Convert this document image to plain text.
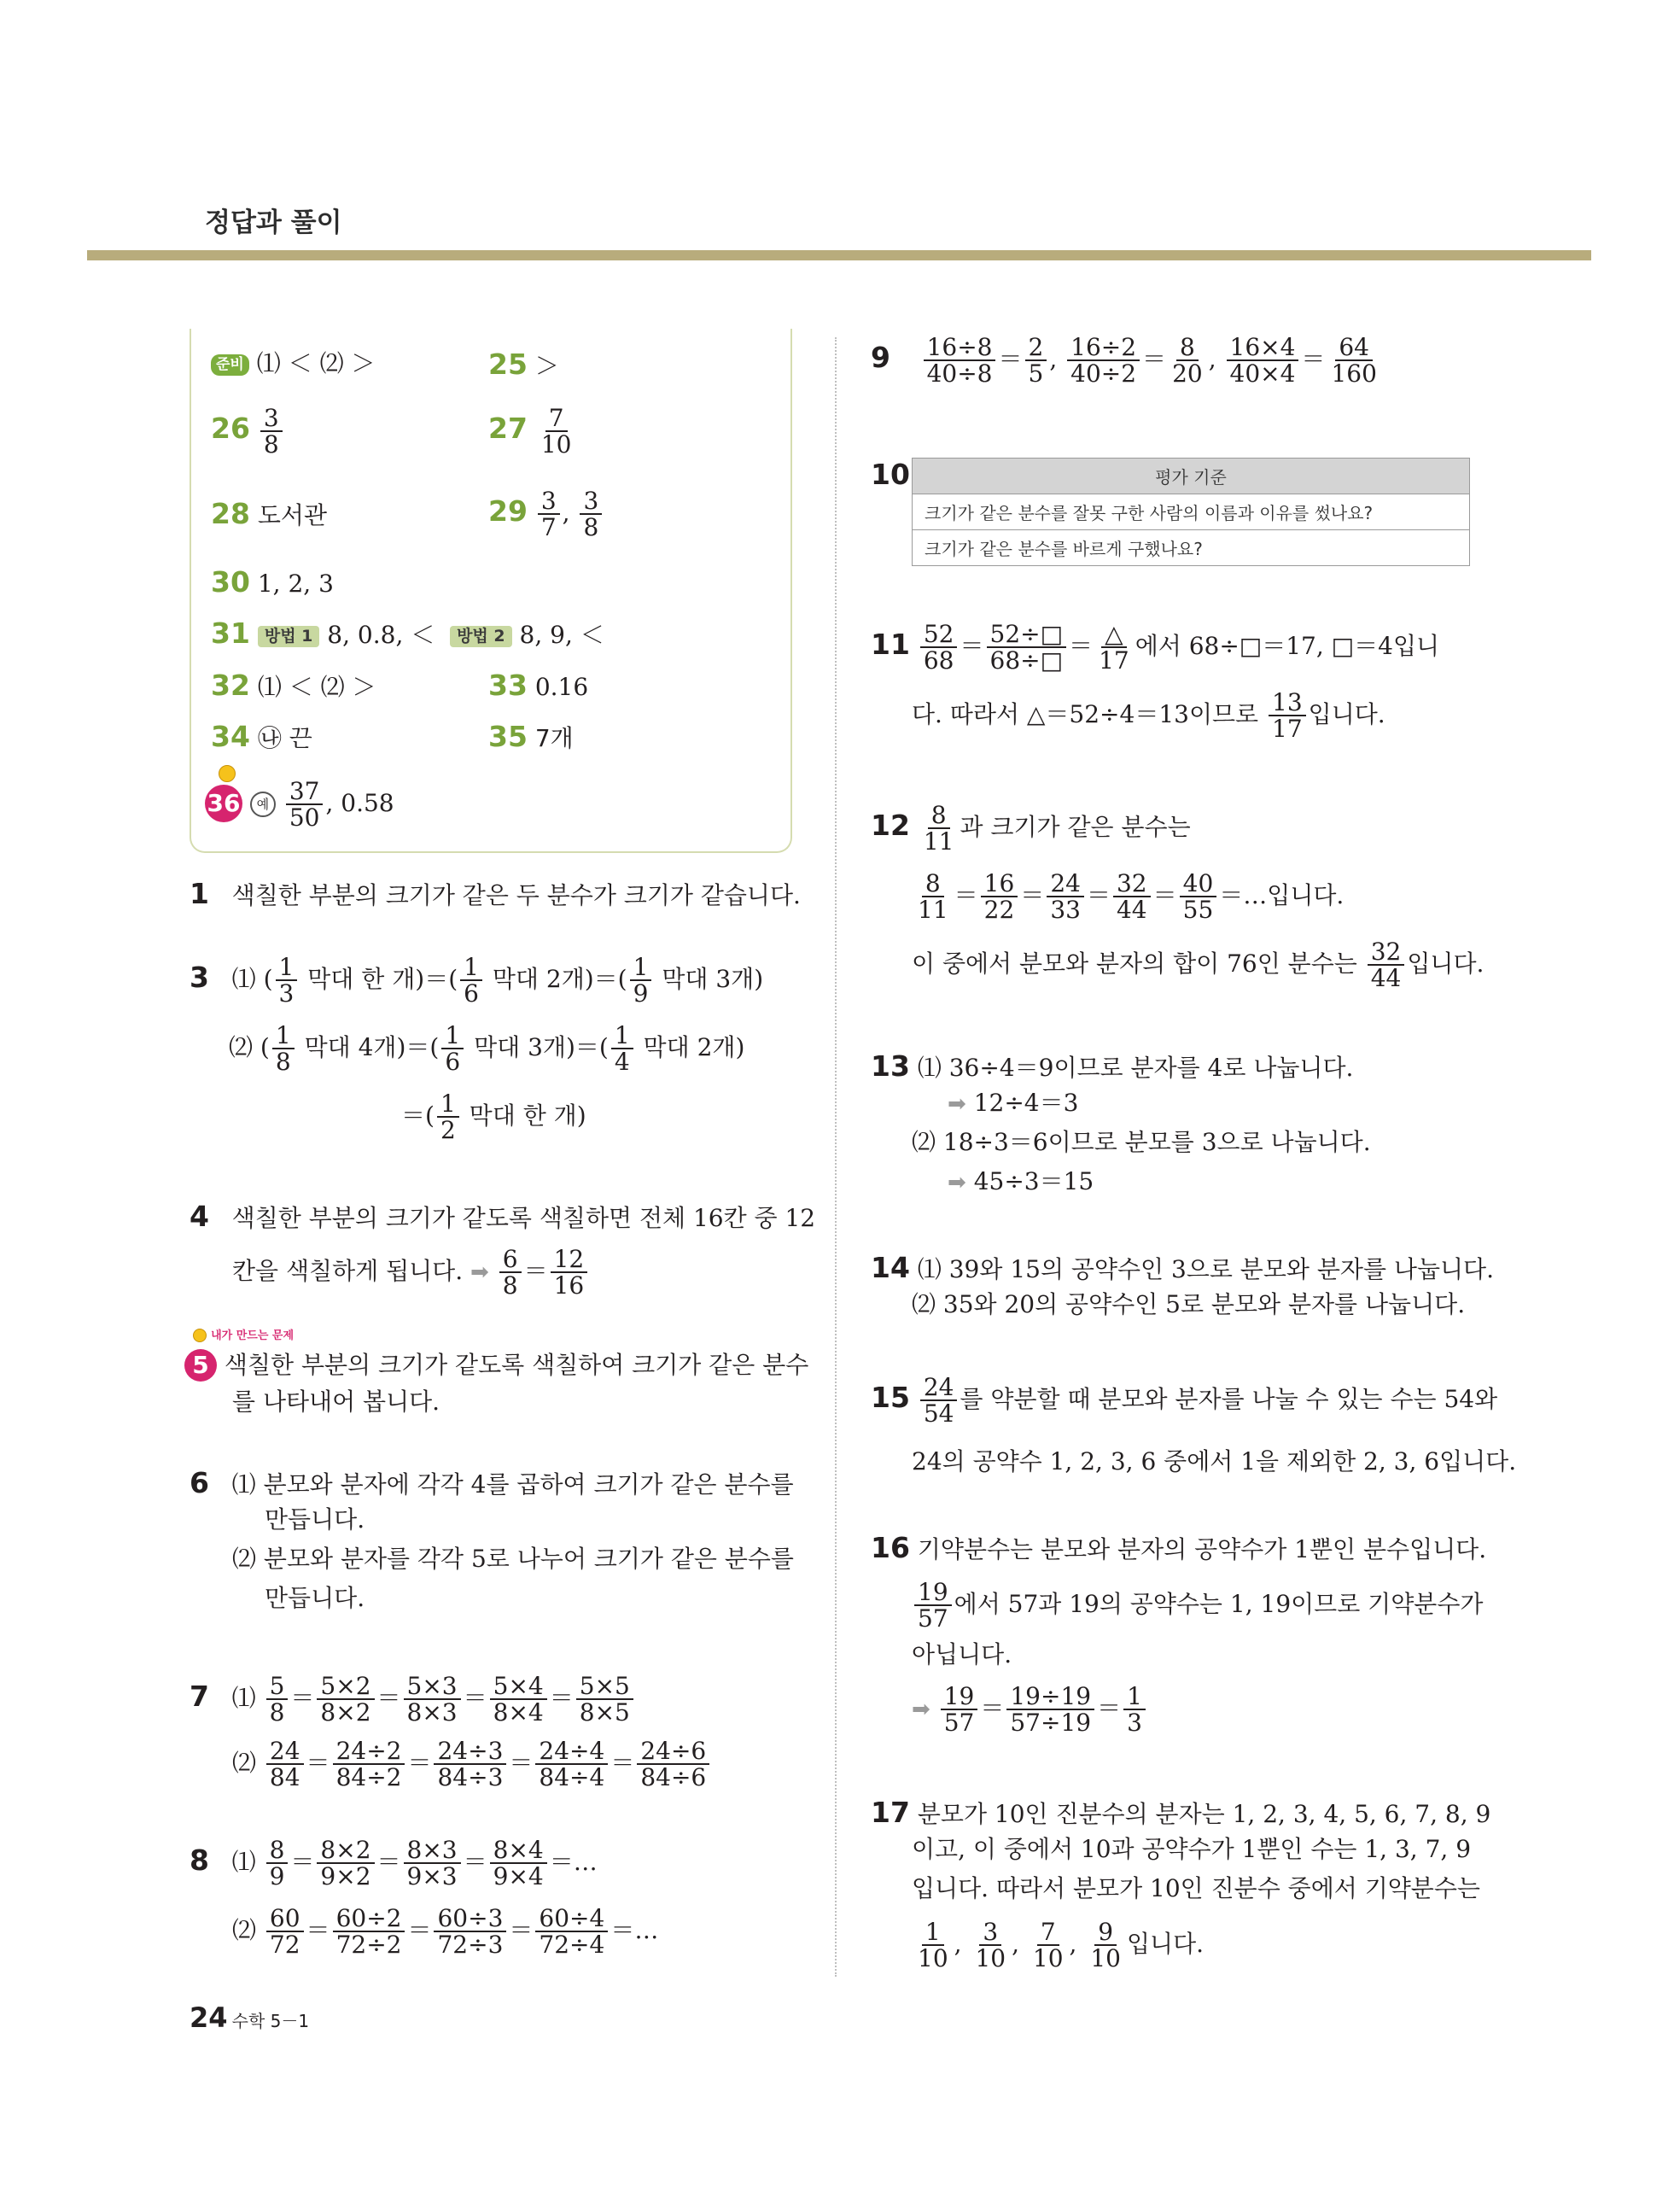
정답과 풀이
준비 ⑴ ＜ ⑵ ＞	25 ＞
$26 \frac{3}{8}$	$27 \frac{7}{10}$
28 도서관	$29 \frac{3}{7}$ , $\frac{3}{8}$
30 1, 2, 3
31 방법 1 8, 0.8, ＜ 방법 2 8, 9, ＜
32 ⑴ ＜ ⑵ ＞	33 0.16
34 ㉯ 끈	35 7개
36 예 $\frac{37}{50}$ , 0.58
1 색칠한 부분의 크기가 같은 두 분수가 크기가 같습니다.
3 ⑴ ( $\frac{1}{3}$ 막대 한 개)＝( $\frac{1}{6}$ 막대 2개)＝( $\frac{1}{9}$ 막대 3개)
⑵ ( $\frac{1}{8}$ 막대 4개)＝( $\frac{1}{6}$ 막대 3개)＝( $\frac{1}{4}$ 막대 2개)
＝( $\frac{1}{2}$ 막대 한 개)
4 색칠한 부분의 크기가 같도록 색칠하면 전체 16칸 중 12
칸을 색칠하게 됩니다. ➡ $\frac{6}{8} = \frac{12}{16}$
내가 만드는 문제
5 색칠한 부분의 크기가 같도록 색칠하여 크기가 같은 분수
를 나타내어 봅니다.
6 ⑴ 분모와 분자에 각각 4를 곱하여 크기가 같은 분수를
만듭니다.
⑵ 분모와 분자를 각각 5로 나누어 크기가 같은 분수를
만듭니다.
7   ⑴ $\frac{5}{8} = \frac{5\times 2}{8\times 2} = \frac{5\times 3}{8\times 3} = \frac{5\times 4}{8\times 4} = \frac{5\times 5}{8\times 5}$
⑵ $\frac{24}{84} = \frac{24\div 2}{84\div 2} = \frac{24\div 3}{84\div 3} = \frac{24\div 4}{84\div 4} = \frac{24\div 6}{84\div 6}$
8   ⑴ $\frac{8}{9} = \frac{8\times 2}{9\times 2} = \frac{8\times 3}{9\times 3} = \frac{8\times 4}{9\times 4}$ ＝…
⑵ $\frac{60}{72} = \frac{60\div 2}{72\div 2} = \frac{60\div 3}{72\div 3} = \frac{60\div 4}{72\div 4}$ ＝…
$9 \frac{16\div 8}{40\div 8} = \frac{2}{5}$ , $\frac{16\div 2}{40\div 2} = \frac{8}{20}$ , $\frac{16\times 4}{40\times 4} = \frac{64}{160}$
10	평가 기준
크기가 같은 분수를 잘못 구한 사람의 이름과 이유를 썼나요?
크기가 같은 분수를 바르게 구했나요?
$11 \frac{52}{68} = \frac{52\div□}{68\div□}$ ＝ △
17
에서 68÷□＝17, □＝4입니
다. 따라서 △＝52÷4＝13이므로 $\frac{13}{17}$ 입니다.
$12 \frac{8}{11}$ 과 크기가 같은 분수는
$\frac{8}{11} = \frac{16}{22} = \frac{24}{33} = \frac{32}{44} = \frac{40}{55}$ ＝…입니다.
이 중에서 분모와 분자의 합이 76인 분수는 $\frac{32}{44}$ 입니다.
13 ⑴ 36÷4＝9이므로 분자를 4로 나눕니다.
➡ 12÷4＝3
⑵ 18÷3＝6이므로 분모를 3으로 나눕니다.
➡ 45÷3＝15
14 ⑴ 39와 15의 공약수인 3으로 분모와 분자를 나눕니다.
⑵ 35와 20의 공약수인 5로 분모와 분자를 나눕니다.
$15 \frac{24}{54}$ 를 약분할 때 분모와 분자를 나눌 수 있는 수는 54와
24의 공약수 1, 2, 3, 6 중에서 1을 제외한 2, 3, 6입니다.
16 기약분수는 분모와 분자의 공약수가 1뿐인 분수입니다.
$\frac{19}{57}$ 에서 57과 19의 공약수는 1, 19이므로 기약분수가
아닙니다.
➡ $\frac{19}{57} = \frac{19\div 19}{57\div 19} = \frac{1}{3}$
17 분모가 10인 진분수의 분자는 1, 2, 3, 4, 5, 6, 7, 8, 9
이고, 이 중에서 10과 공약수가 1뿐인 수는 1, 3, 7, 9
입니다. 따라서 분모가 10인 진분수 중에서 기약분수는
$\frac{1}{10}$ , $\frac{3}{10}$ , $\frac{7}{10}$ , $\frac{9}{10}$ 입니다.
24 수학 5－1
